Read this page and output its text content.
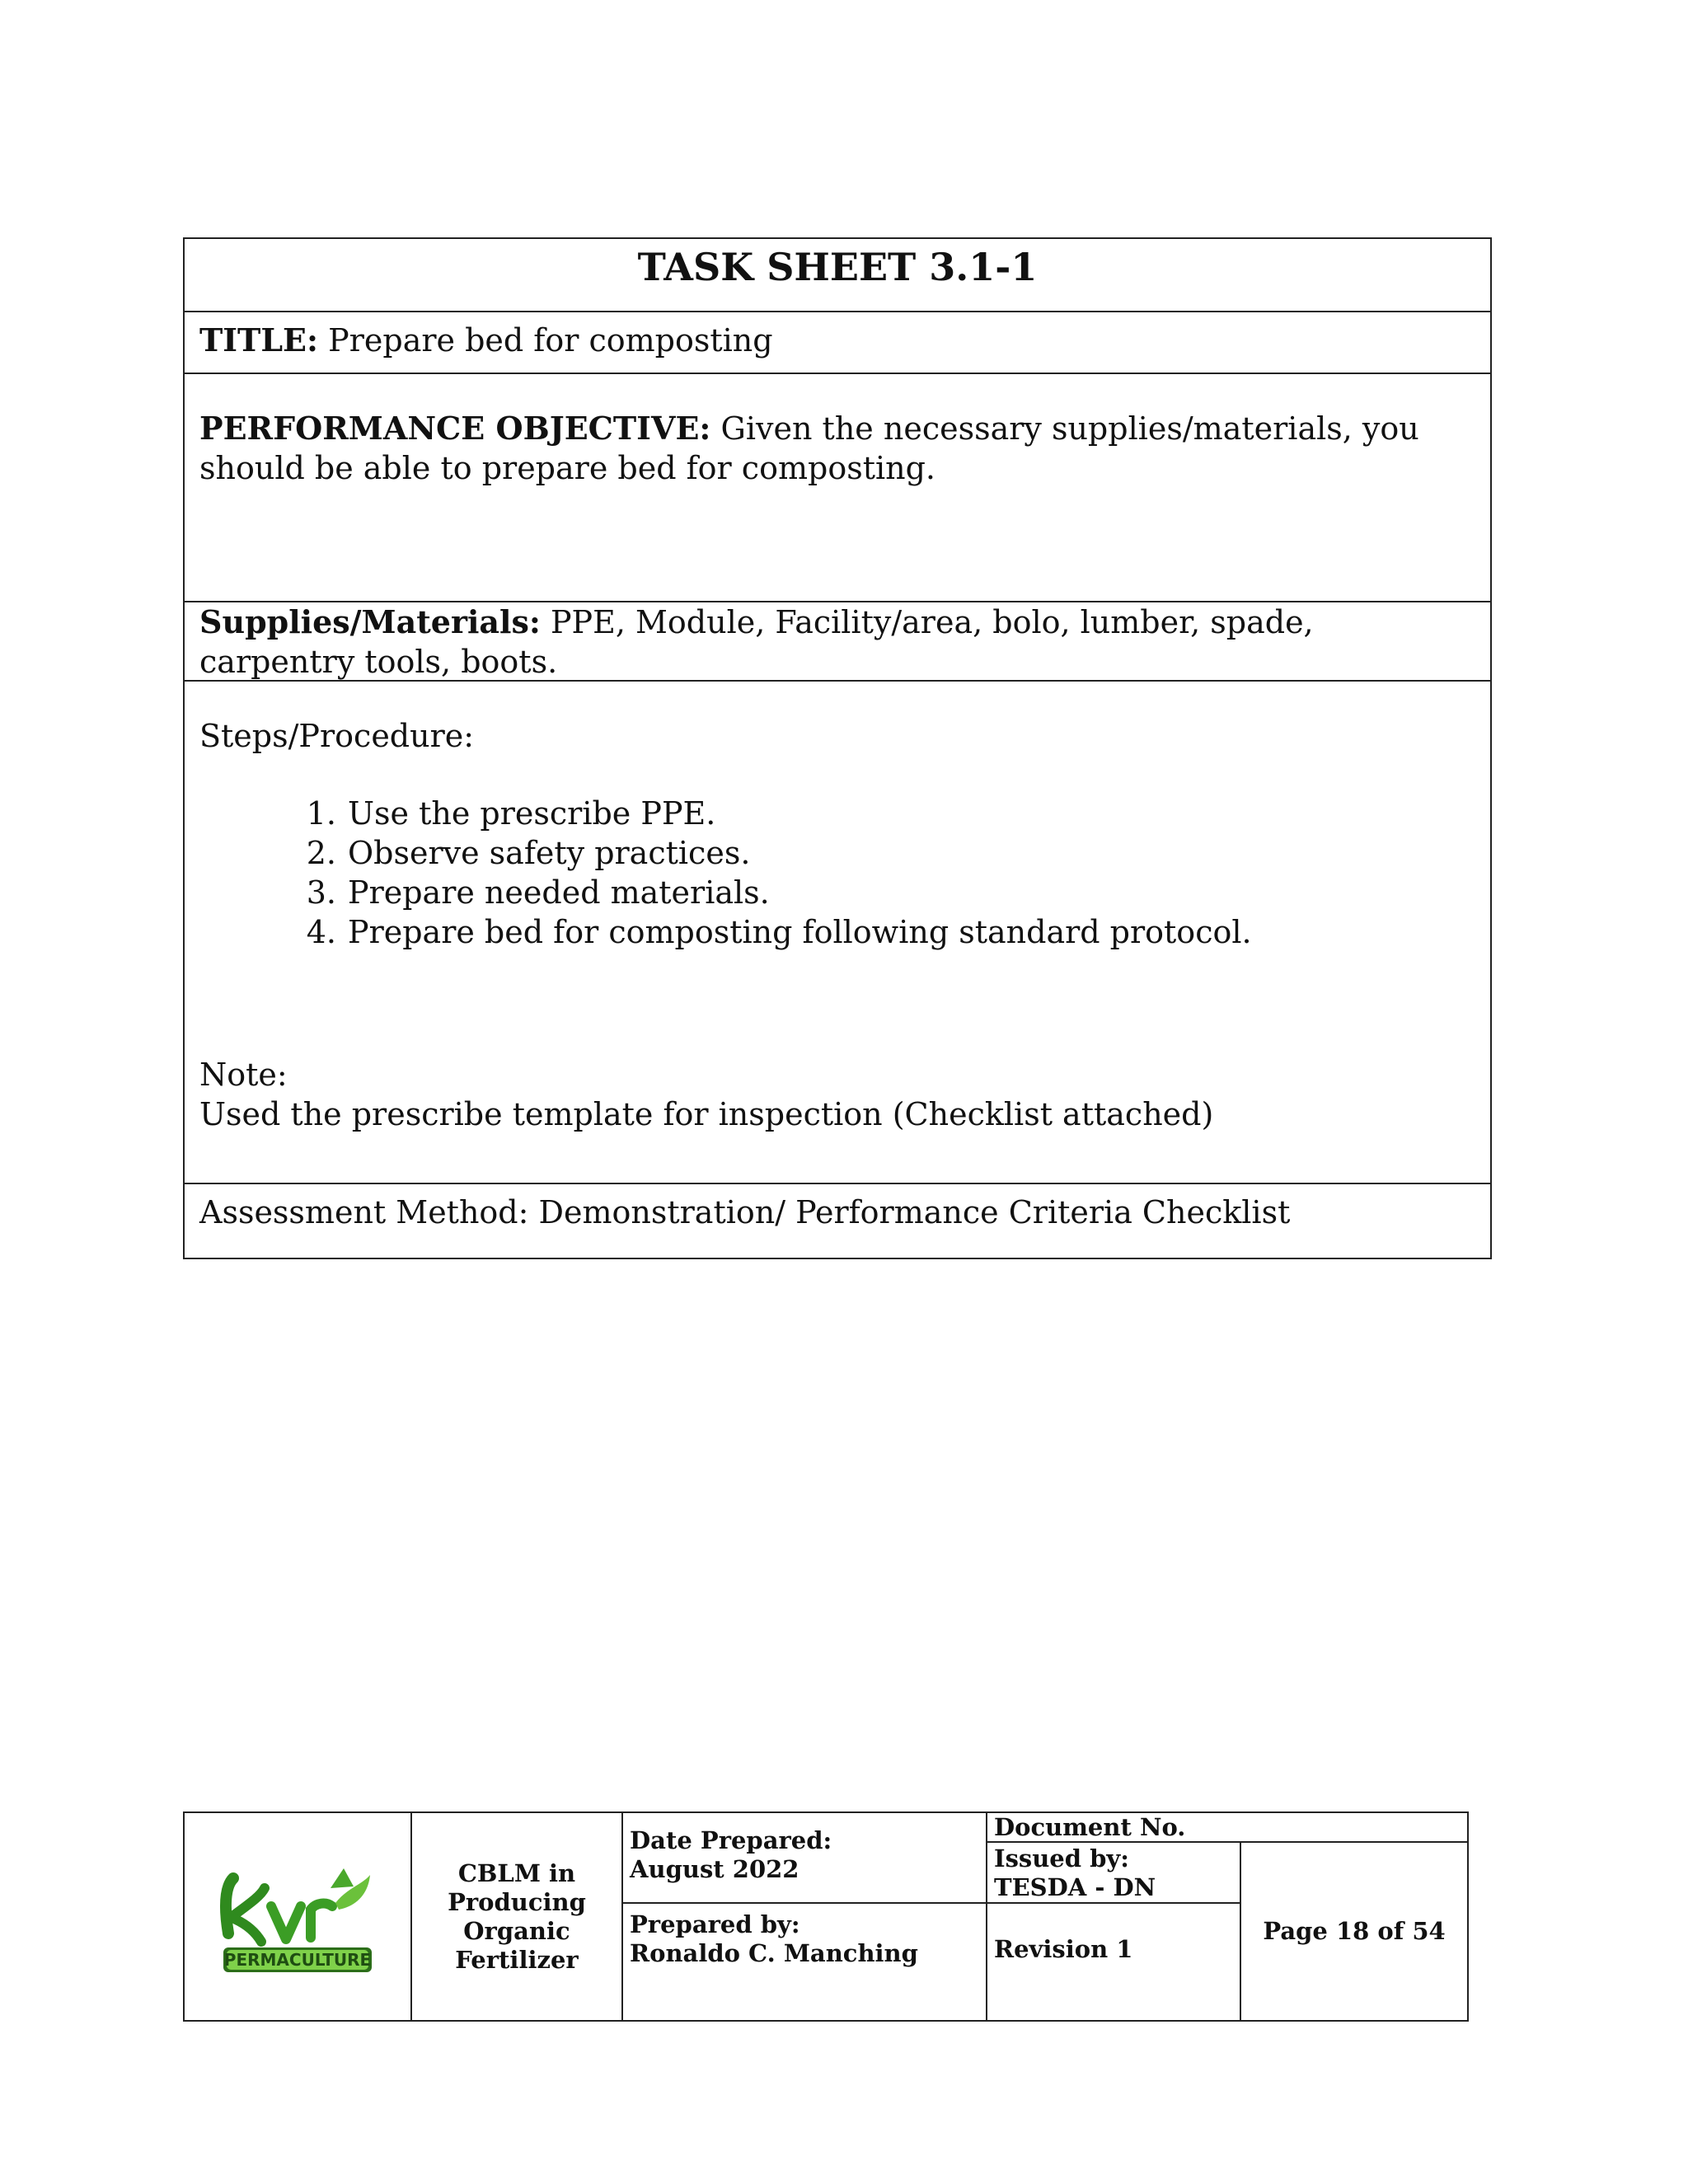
TASK SHEET 3.1-1
TITLE: Prepare bed for composting
PERFORMANCE OBJECTIVE: Given the necessary supplies/materials, you
should be able to prepare bed for composting.
Supplies/Materials: PPE, Module, Facility/area, bolo, lumber, spade,
carpentry tools, boots.
Steps/Procedure:
1. Use the prescribe PPE.
2. Observe safety practices.
3. Prepare needed materials.
4. Prepare bed for composting following standard protocol.
Note:
Used the prescribe template for inspection (Checklist attached)
Assessment Method: Demonstration/ Performance Criteria Checklist
PERMACULTURE
CBLM in
Producing
Organic
Fertilizer
Date Prepared:
August 2022
Prepared by:
Ronaldo C. Manching
Document No.
Issued by:
TESDA - DN
Revision 1
Page 18 of 54
